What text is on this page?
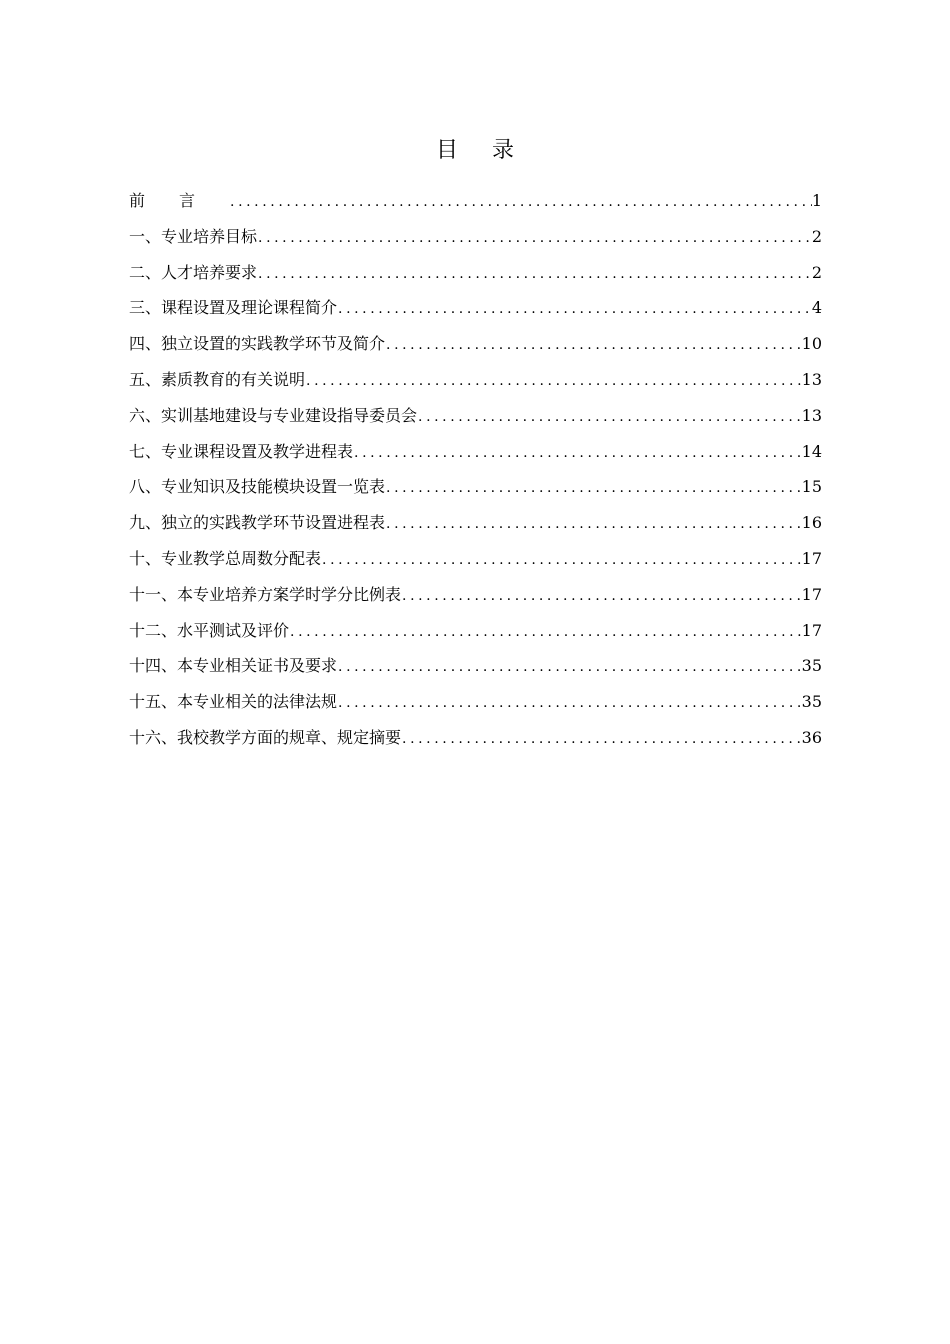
目录
前言 .....	1
一、专业培养目标 .....	2
二、人才培养要求 .....	2
三、课程设置及理论课程简介 .....	4
四、独立设置的实践教学环节及简介 .....	10
五、素质教育的有关说明 .....	13
六、实训基地建设与专业建设指导委员会 .....	13
七、专业课程设置及教学进程表 .....	14
八、专业知识及技能模块设置一览表 .....	15
九、独立的实践教学环节设置进程表 .....	16
十、专业教学总周数分配表 .....	17
十一、本专业培养方案学时学分比例表 .....	17
十二、水平测试及评价 .....	17
十四、本专业相关证书及要求 .....	35
十五、本专业相关的法律法规 .....	35
十六、我校教学方面的规章、规定摘要 .....	36
